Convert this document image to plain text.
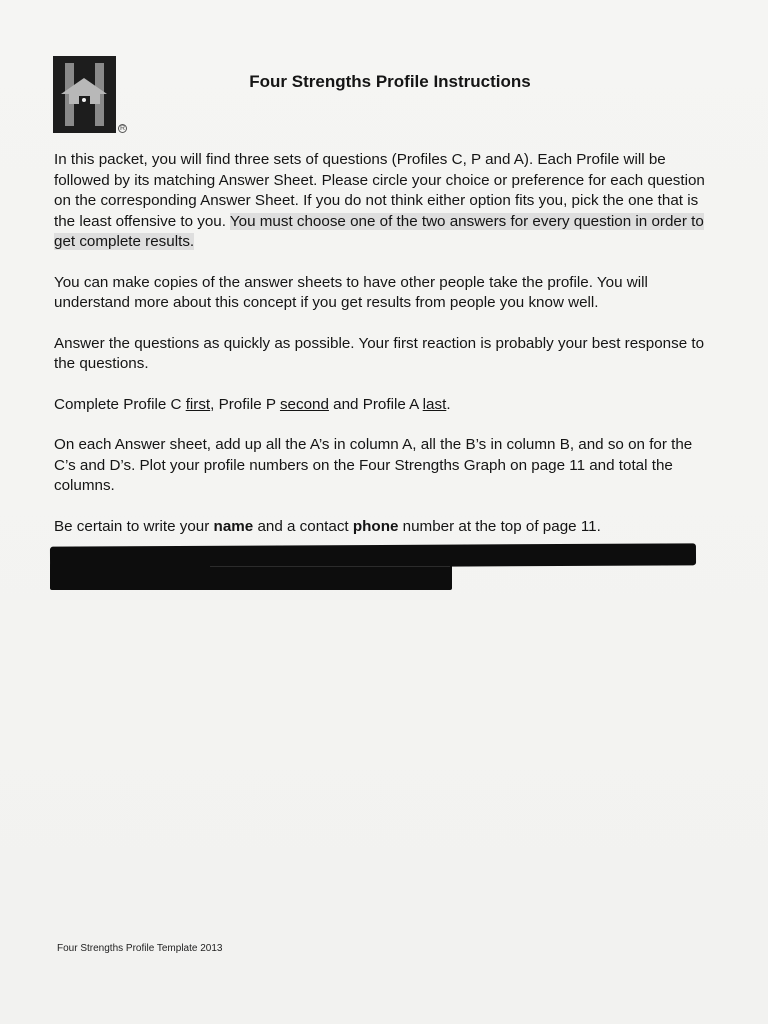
R
Four Strengths Profile Instructions

In this packet, you will find three sets of questions (Profiles C, P and A). Each Profile will be followed by its matching Answer Sheet. Please circle your choice or preference for each question on the corresponding Answer Sheet. If you do not think either option fits you, pick the one that is the least offensive to you. You must choose one of the two answers for every question in order to get complete results.

You can make copies of the answer sheets to have other people take the profile. You will understand more about this concept if you get results from people you know well.

Answer the questions as quickly as possible. Your first reaction is probably your best response to the questions.

Complete Profile C first, Profile P second and Profile A last.

On each Answer sheet, add up all the A’s in column A, all the B’s in column B, and so on for the C’s and D’s. Plot your profile numbers on the Four Strengths Graph on page 11 and total the columns.

Be certain to write your name and a contact phone number at the top of page 11.

Four Strengths Profile Template 2013
